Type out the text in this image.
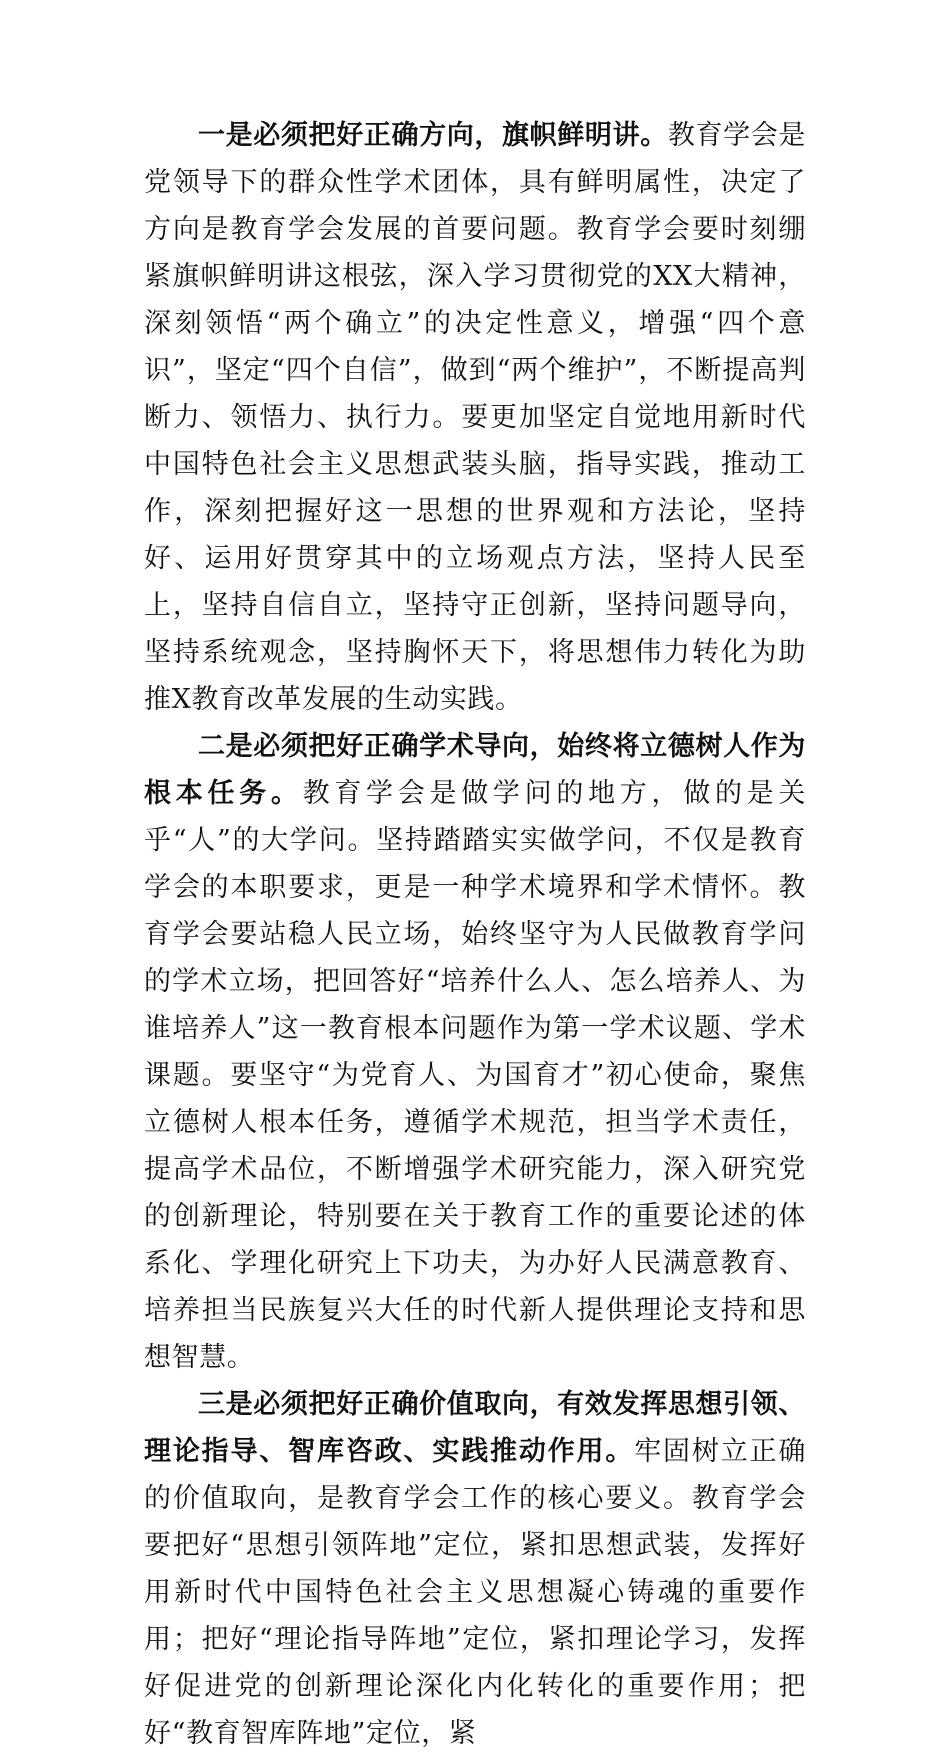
一是必须把好正确方向，旗帜鲜明讲。教育学会是党领导下的群众性学术团体，具有鲜明属性，决定了方向是教育学会发展的首要问题。教育学会要时刻绷紧旗帜鲜明讲这根弦，深入学习贯彻党的XX大精神，深刻领悟“两个确立”的决定性意义，增强“四个意识”，坚定“四个自信”，做到“两个维护”，不断提高判断力、领悟力、执行力。要更加坚定自觉地用新时代中国特色社会主义思想武装头脑，指导实践，推动工作，深刻把握好这一思想的世界观和方法论，坚持好、运用好贯穿其中的立场观点方法，坚持人民至上，坚持自信自立，坚持守正创新，坚持问题导向，坚持系统观念，坚持胸怀天下，将思想伟力转化为助推X教育改革发展的生动实践。

二是必须把好正确学术导向，始终将立德树人作为根本任务。教育学会是做学问的地方，做的是关乎“人”的大学问。坚持踏踏实实做学问，不仅是教育学会的本职要求，更是一种学术境界和学术情怀。教育学会要站稳人民立场，始终坚守为人民做教育学问的学术立场，把回答好“培养什么人、怎么培养人、为谁培养人”这一教育根本问题作为第一学术议题、学术课题。要坚守“为党育人、为国育才”初心使命，聚焦立德树人根本任务，遵循学术规范，担当学术责任，提高学术品位，不断增强学术研究能力，深入研究党的创新理论，特别要在关于教育工作的重要论述的体系化、学理化研究上下功夫，为办好人民满意教育、培养担当民族复兴大任的时代新人提供理论支持和思想智慧。

三是必须把好正确价值取向，有效发挥思想引领、理论指导、智库咨政、实践推动作用。牢固树立正确的价值取向，是教育学会工作的核心要义。教育学会要把好“思想引领阵地”定位，紧扣思想武装，发挥好用新时代中国特色社会主义思想凝心铸魂的重要作用；把好“理论指导阵地”定位，紧扣理论学习，发挥好促进党的创新理论深化内化转化的重要作用；把好“教育智库阵地”定位，紧
